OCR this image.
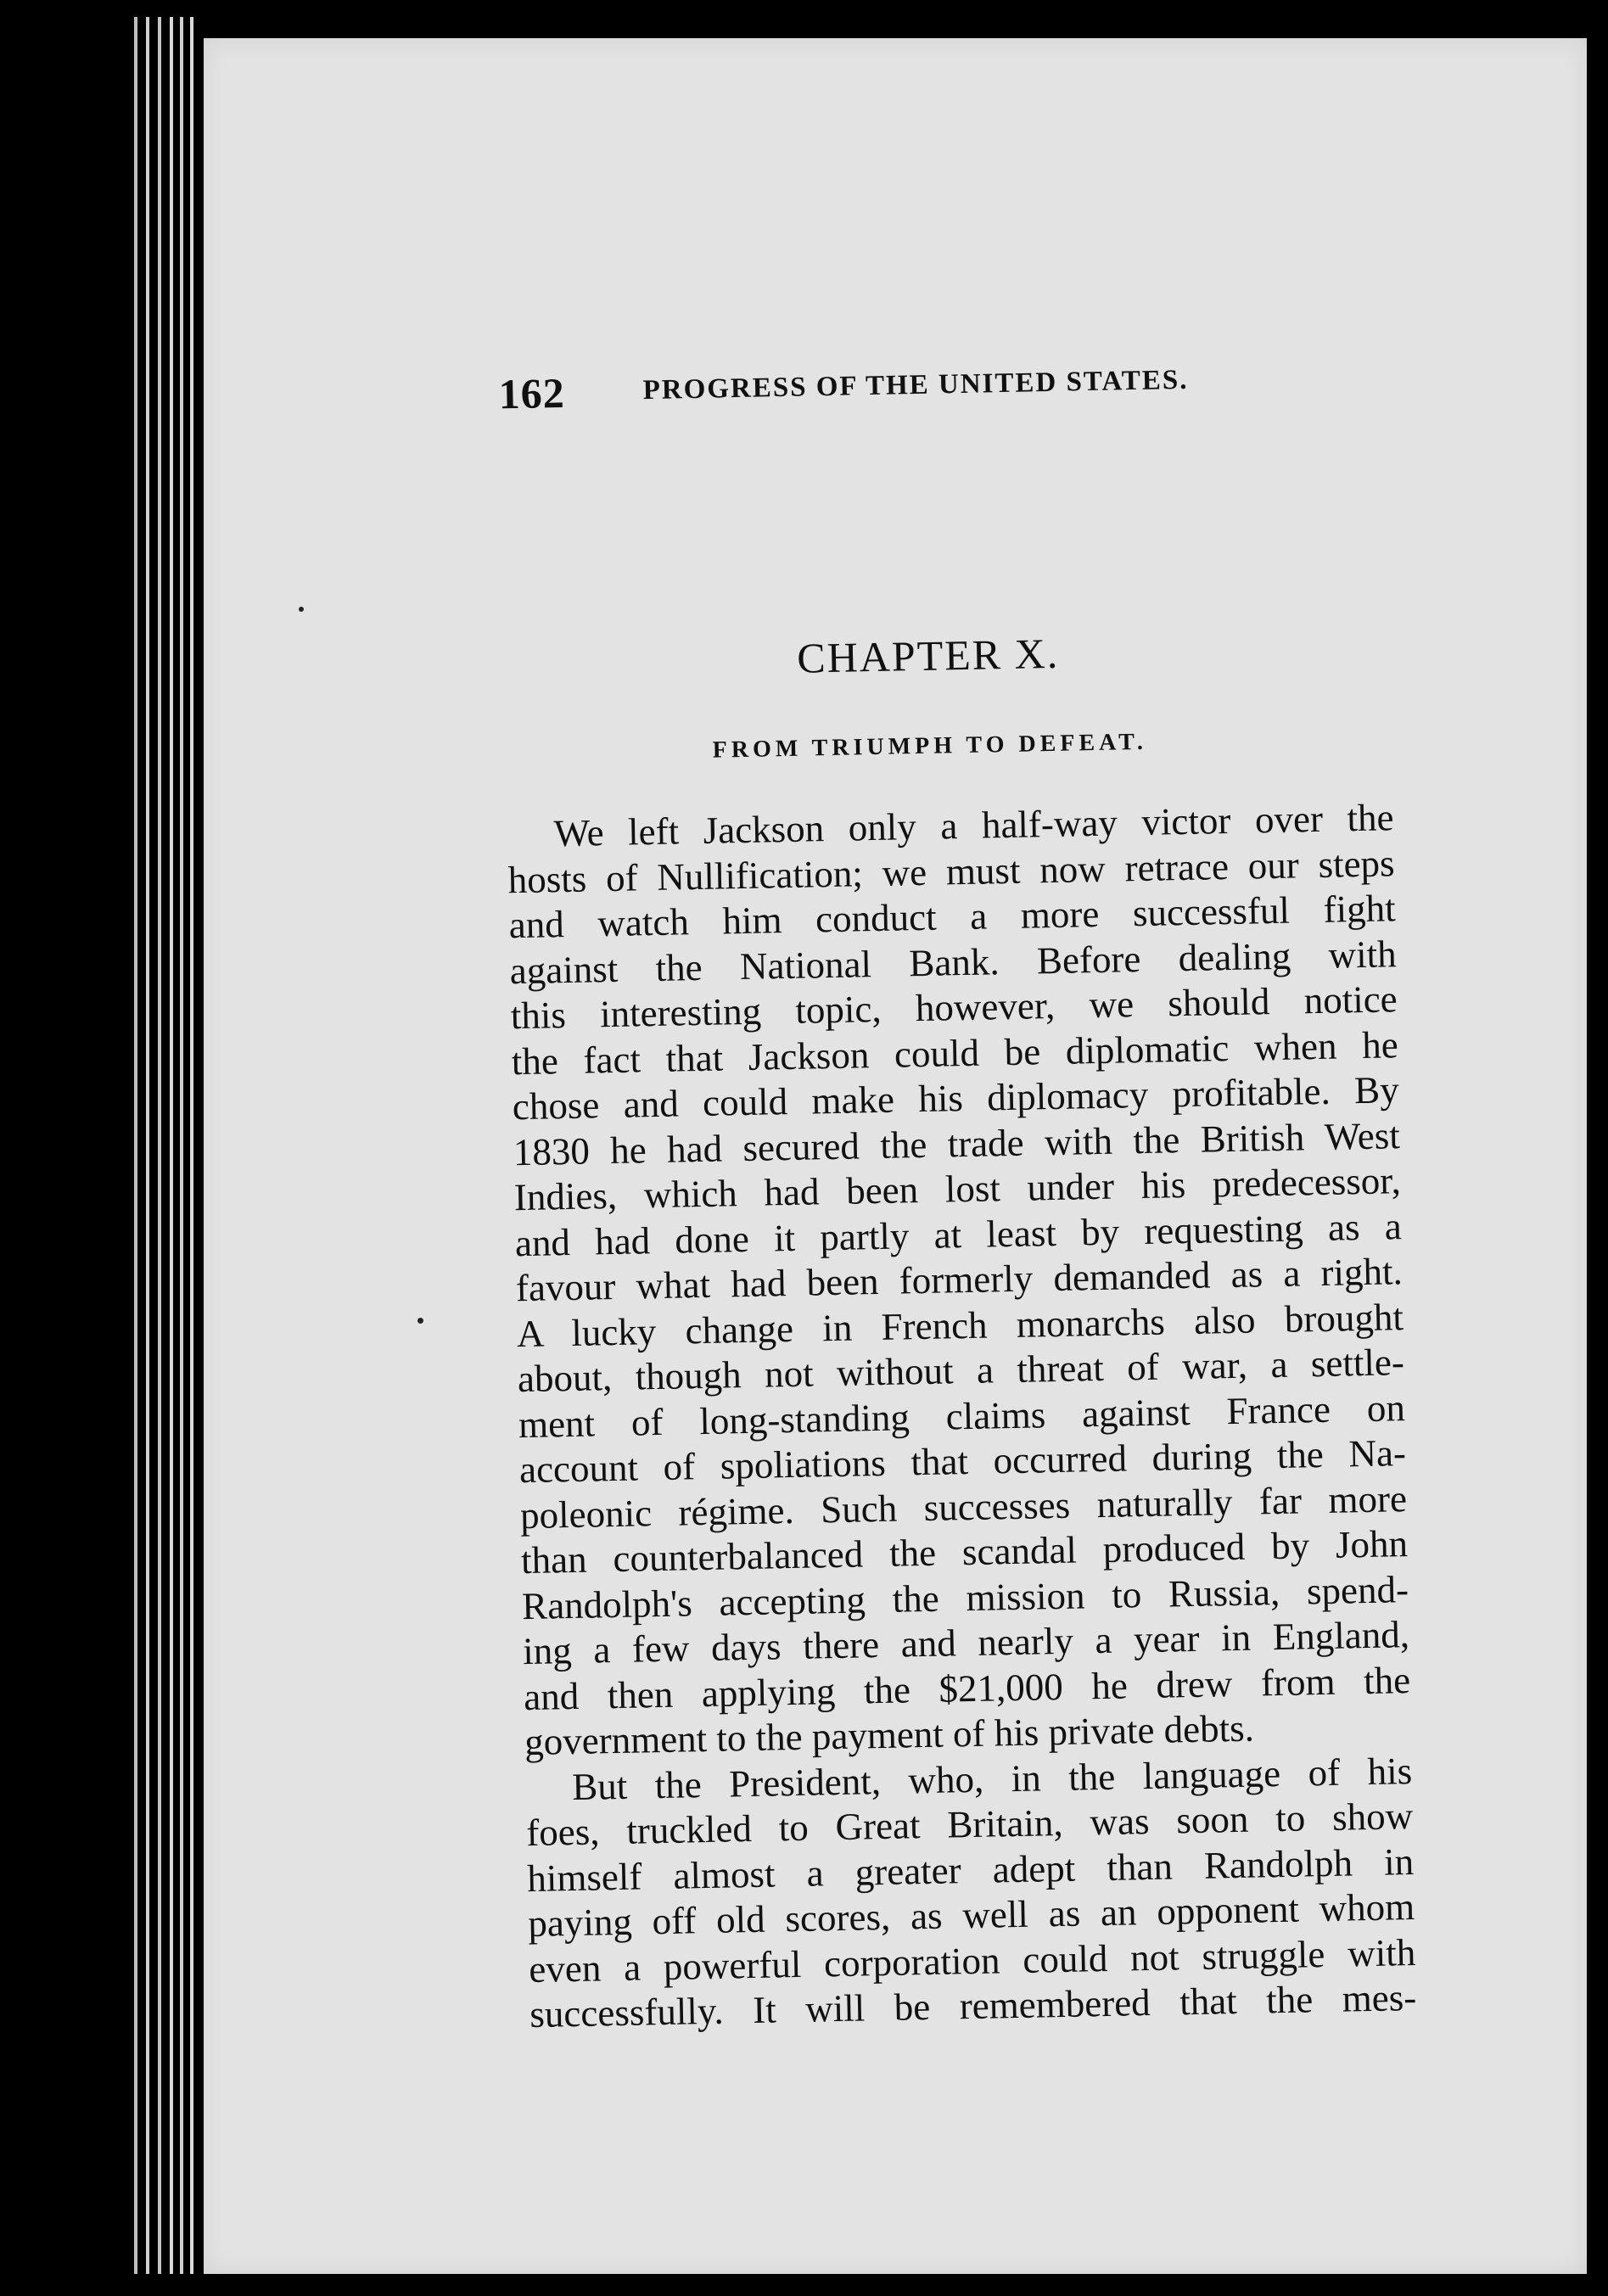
162	PROGRESS OF THE UNITED STATES.
CHAPTER X.
FROM TRIUMPH TO DEFEAT.
We left Jackson only a half-way victor over the
hosts of Nullification; we must now retrace our steps
and watch him conduct a more successful fight
against the National Bank. Before dealing with
this interesting topic, however, we should notice
the fact that Jackson could be diplomatic when he
chose and could make his diplomacy profitable. By
1830 he had secured the trade with the British West
Indies, which had been lost under his predecessor,
and had done it partly at least by requesting as a
favour what had been formerly demanded as a right.
A lucky change in French monarchs also brought
about, though not without a threat of war, a settle-
ment of long-standing claims against France on
account of spoliations that occurred during the Na-
poleonic régime. Such successes naturally far more
than counterbalanced the scandal produced by John
Randolph's accepting the mission to Russia, spend-
ing a few days there and nearly a year in England,
and then applying the $21,000 he drew from the
government to the payment of his private debts.
But the President, who, in the language of his
foes, truckled to Great Britain, was soon to show
himself almost a greater adept than Randolph in
paying off old scores, as well as an opponent whom
even a powerful corporation could not struggle with
successfully. It will be remembered that the mes-
